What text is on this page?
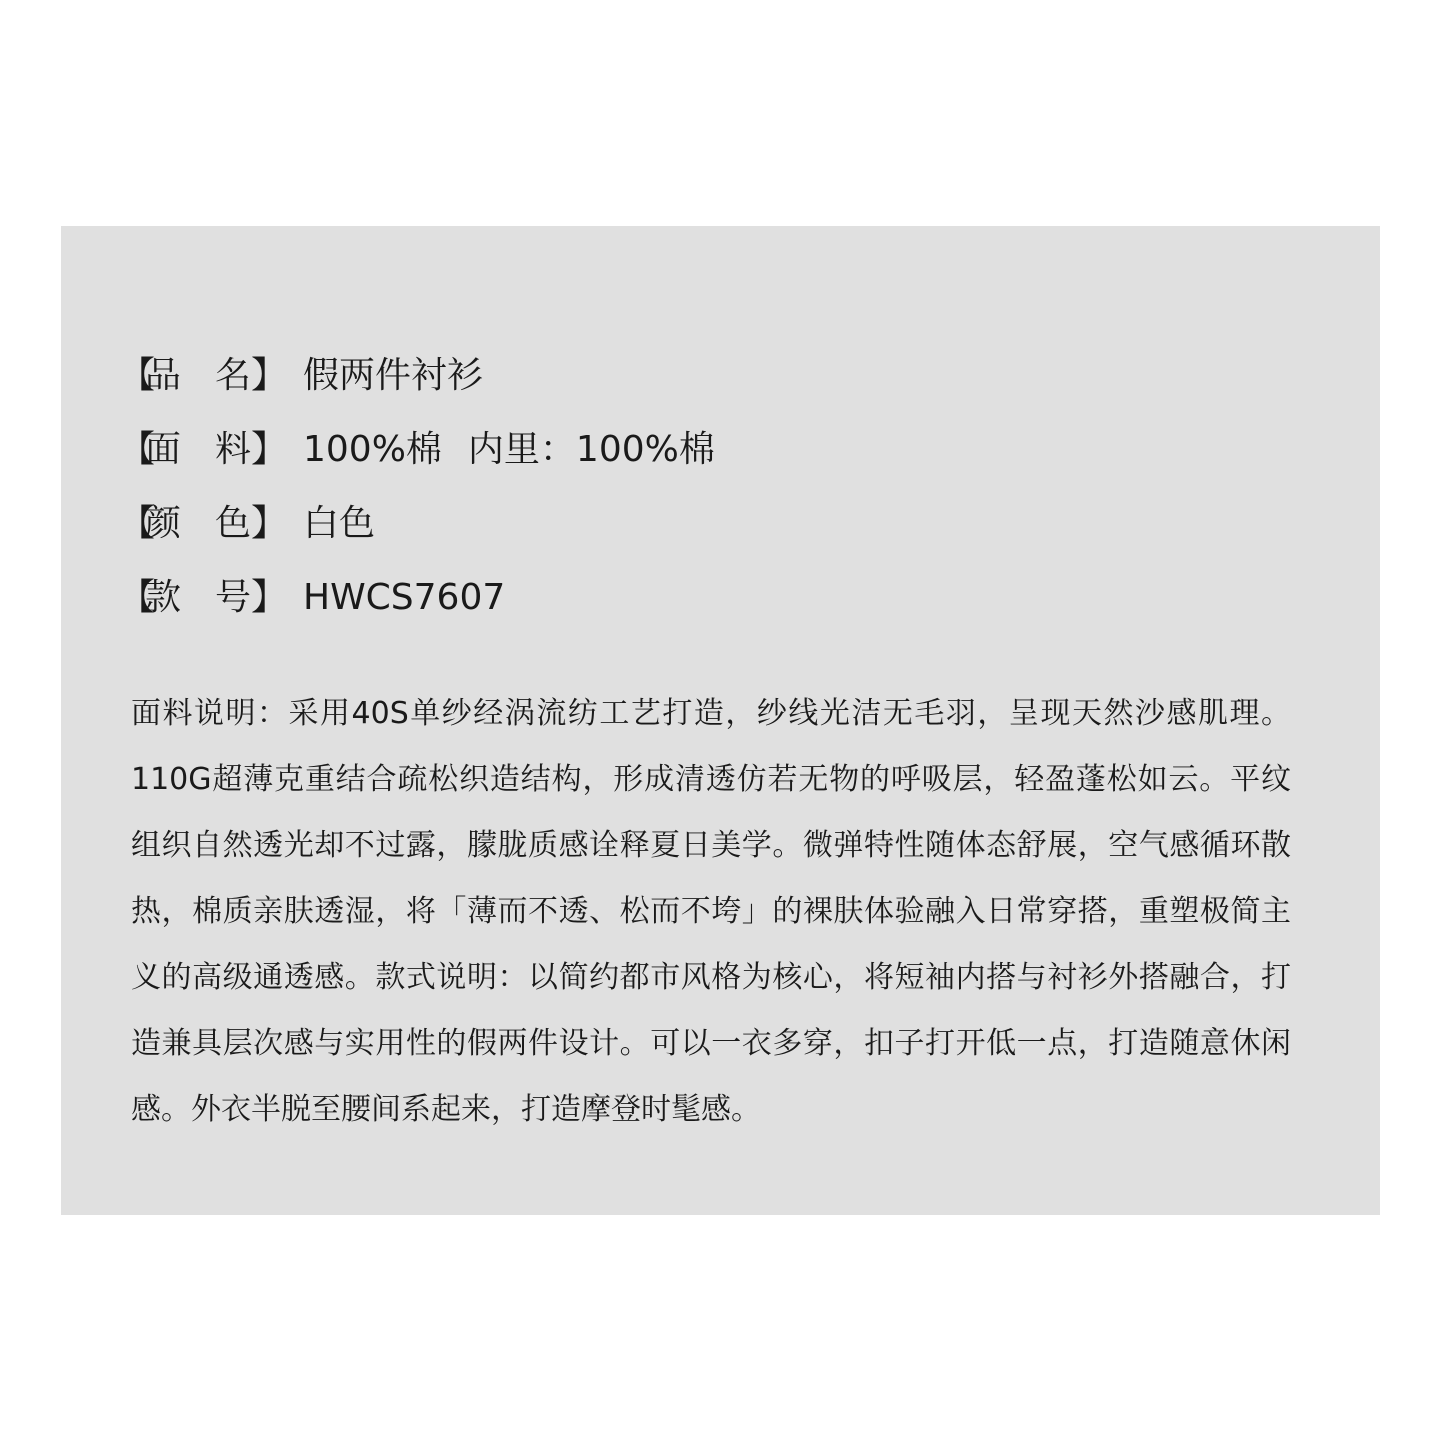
【
品 名 】 假两件衬衫
【
面 料 】 100%棉 内里：100%棉
【
颜 色 】 白色
【
款 号 】 HWCS7607

面料说明：采用40S单纱经涡流纺工艺打造，纱线光洁无毛羽，呈现天然沙感肌理。110G超薄克重结合疏松织造结构，形成清透仿若无物的呼吸层，轻盈蓬松如云。平纹组织自然透光却不过露，朦胧质感诠释夏日美学。微弹特性随体态舒展，空气感循环散热，棉质亲肤透湿，将「薄而不透、松而不垮」的裸肤体验融入日常穿搭，重塑极简主义的高级通透感。款式说明：以简约都市风格为核心，将短袖内搭与衬衫外搭融合，打造兼具层次感与实用性的假两件设计。可以一衣多穿，扣子打开低一点，打造随意休闲感。外衣半脱至腰间系起来，打造摩登时髦感。
